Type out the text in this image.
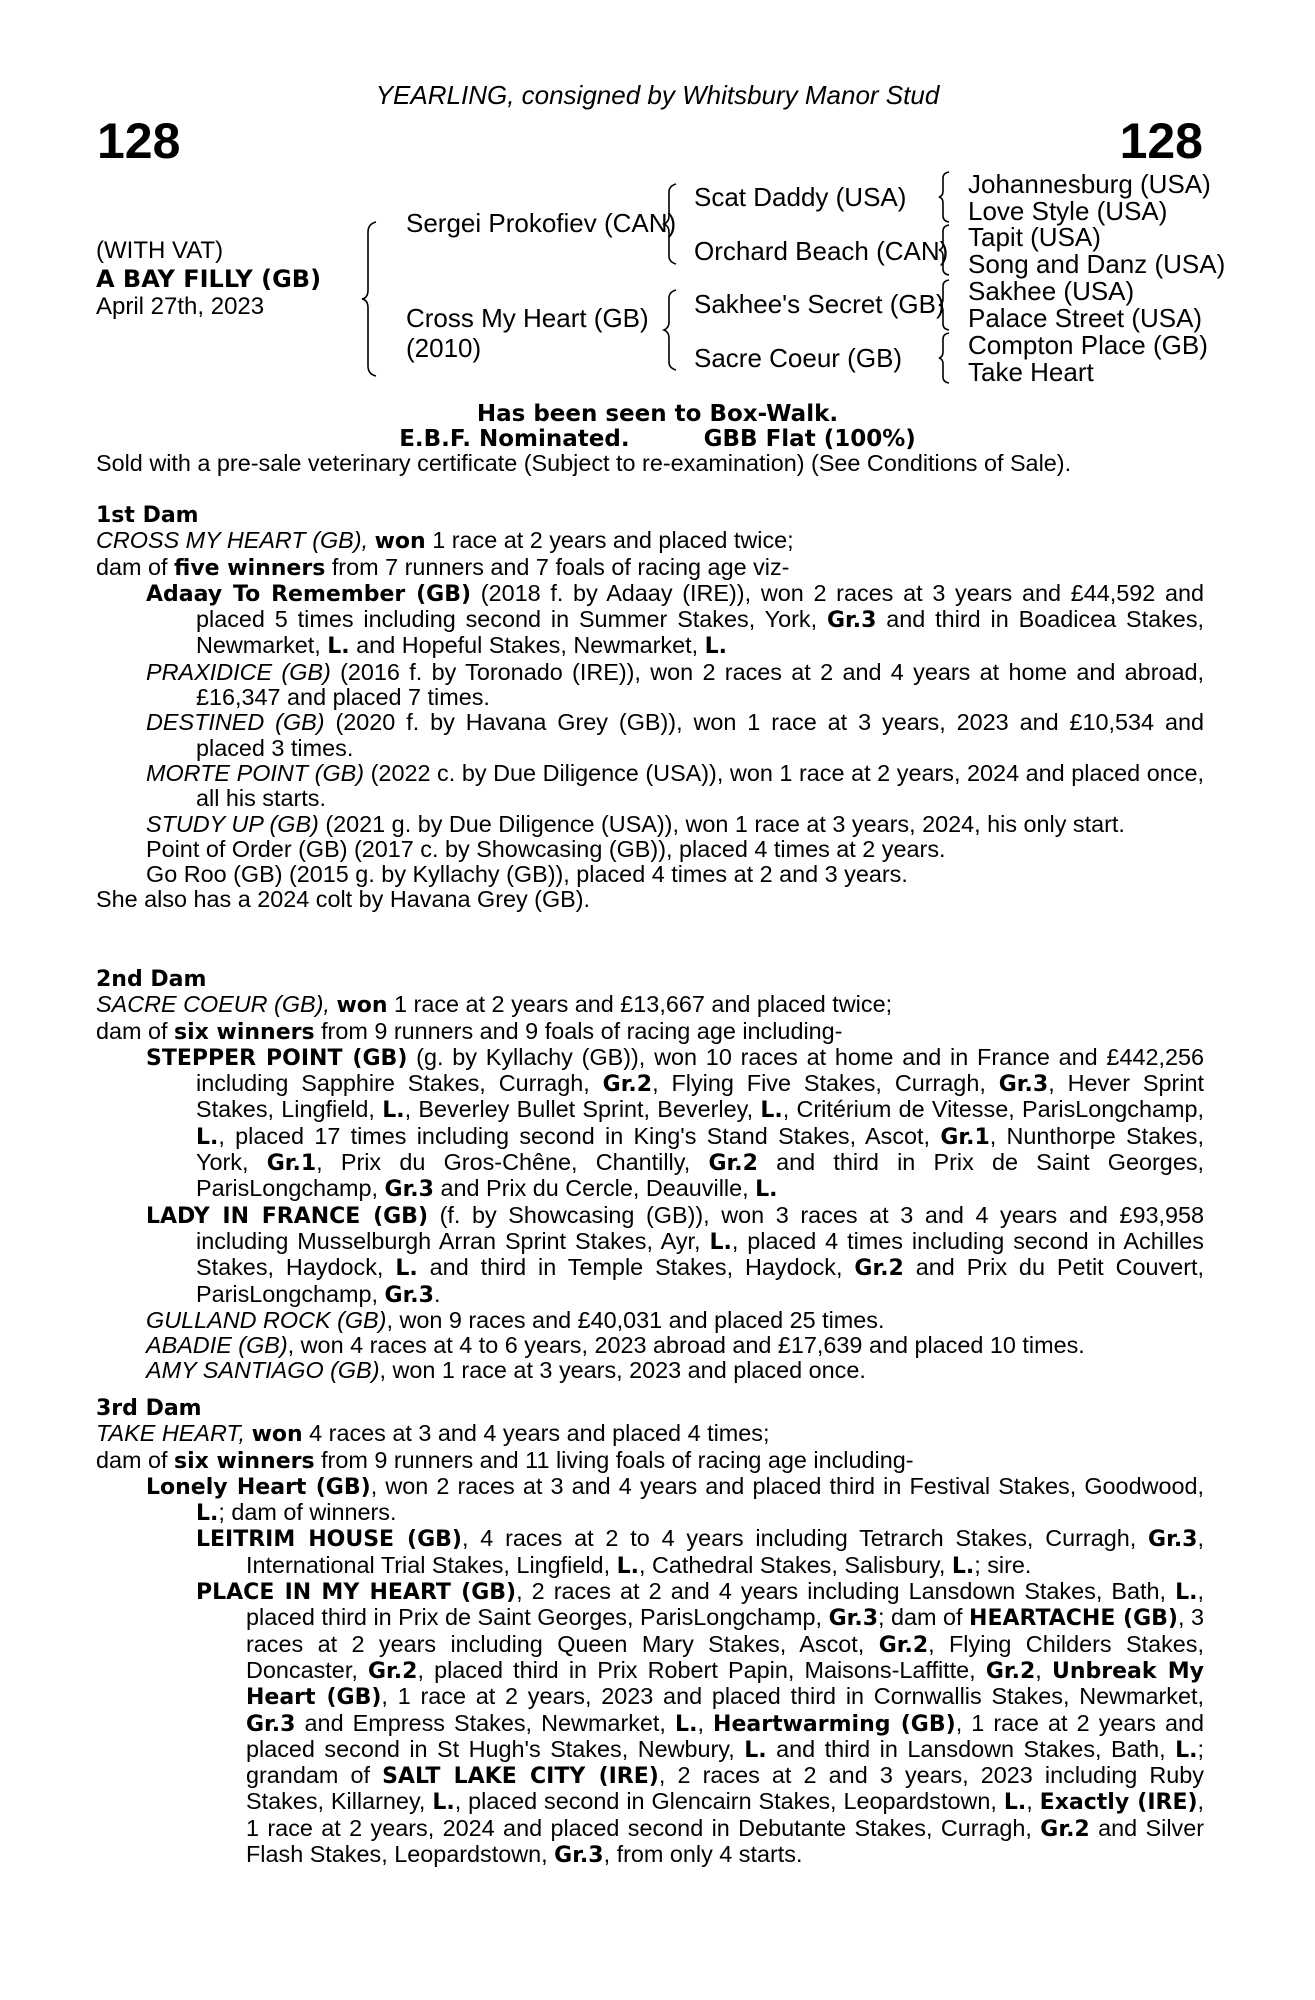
128	128
YEARLING, consigned by Whitsbury Manor Stud
(WITH VAT)
A BAY FILLY (GB)
April 27th, 2023
Sergei Prokofiev (CAN)
Cross My Heart (GB)
(2010)
Scat Daddy (USA)
Orchard Beach (CAN)
Sakhee's Secret (GB)
Sacre Coeur (GB)
Johannesburg (USA)
Love Style (USA)
Tapit (USA)
Song and Danz (USA)
Sakhee (USA)
Palace Street (USA)
Compton Place (GB)
Take Heart
Has been seen to Box-Walk.
E.B.F. Nominated.	GBB Flat (100%)
Sold with a pre-sale veterinary certificate (Subject to re-examination) (See Conditions of Sale).

1st Dam

CROSS MY HEART (GB), won 1 race at 2 years and placed twice;

dam of five winners from 7 runners and 7 foals of racing age viz-

Adaay To Remember (GB) (2018 f. by Adaay (IRE)), won 2 races at 3 years and £44,592 and placed 5 times including second in Summer Stakes, York, Gr.3 and third in Boadicea Stakes, Newmarket, L. and Hopeful Stakes, Newmarket, L.

PRAXIDICE (GB) (2016 f. by Toronado (IRE)), won 2 races at 2 and 4 years at home and abroad, £16,347 and placed 7 times.

DESTINED (GB) (2020 f. by Havana Grey (GB)), won 1 race at 3 years, 2023 and £10,534 and placed 3 times.

MORTE POINT (GB) (2022 c. by Due Diligence (USA)), won 1 race at 2 years, 2024 and placed once, all his starts.

STUDY UP (GB) (2021 g. by Due Diligence (USA)), won 1 race at 3 years, 2024, his only start.

Point of Order (GB) (2017 c. by Showcasing (GB)), placed 4 times at 2 years.

Go Roo (GB) (2015 g. by Kyllachy (GB)), placed 4 times at 2 and 3 years.

She also has a 2024 colt by Havana Grey (GB).

2nd Dam

SACRE COEUR (GB), won 1 race at 2 years and £13,667 and placed twice;

dam of six winners from 9 runners and 9 foals of racing age including-

STEPPER POINT (GB) (g. by Kyllachy (GB)), won 10 races at home and in France and £442,256 including Sapphire Stakes, Curragh, Gr.2, Flying Five Stakes, Curragh, Gr.3, Hever Sprint Stakes, Lingfield, L., Beverley Bullet Sprint, Beverley, L., Critérium de Vitesse, ParisLongchamp, L., placed 17 times including second in King's Stand Stakes, Ascot, Gr.1, Nunthorpe Stakes, York, Gr.1, Prix du Gros-Chêne, Chantilly, Gr.2 and third in Prix de Saint Georges, ParisLongchamp, Gr.3 and Prix du Cercle, Deauville, L.

LADY IN FRANCE (GB) (f. by Showcasing (GB)), won 3 races at 3 and 4 years and £93,958 including Musselburgh Arran Sprint Stakes, Ayr, L., placed 4 times including second in Achilles Stakes, Haydock, L. and third in Temple Stakes, Haydock, Gr.2 and Prix du Petit Couvert, ParisLongchamp, Gr.3.

GULLAND ROCK (GB), won 9 races and £40,031 and placed 25 times.

ABADIE (GB), won 4 races at 4 to 6 years, 2023 abroad and £17,639 and placed 10 times.

AMY SANTIAGO (GB), won 1 race at 3 years, 2023 and placed once.

3rd Dam

TAKE HEART, won 4 races at 3 and 4 years and placed 4 times;

dam of six winners from 9 runners and 11 living foals of racing age including-

Lonely Heart (GB), won 2 races at 3 and 4 years and placed third in Festival Stakes, Goodwood, L.; dam of winners.

LEITRIM HOUSE (GB), 4 races at 2 to 4 years including Tetrarch Stakes, Curragh, Gr.3, International Trial Stakes, Lingfield, L., Cathedral Stakes, Salisbury, L.; sire.

PLACE IN MY HEART (GB), 2 races at 2 and 4 years including Lansdown Stakes, Bath, L., placed third in Prix de Saint Georges, ParisLongchamp, Gr.3; dam of HEARTACHE (GB), 3 races at 2 years including Queen Mary Stakes, Ascot, Gr.2, Flying Childers Stakes, Doncaster, Gr.2, placed third in Prix Robert Papin, Maisons-Laffitte, Gr.2, Unbreak My Heart (GB), 1 race at 2 years, 2023 and placed third in Cornwallis Stakes, Newmarket, Gr.3 and Empress Stakes, Newmarket, L., Heartwarming (GB), 1 race at 2 years and placed second in St Hugh's Stakes, Newbury, L. and third in Lansdown Stakes, Bath, L.; grandam of SALT LAKE CITY (IRE), 2 races at 2 and 3 years, 2023 including Ruby Stakes, Killarney, L., placed second in Glencairn Stakes, Leopardstown, L., Exactly (IRE), 1 race at 2 years, 2024 and placed second in Debutante Stakes, Curragh, Gr.2 and Silver Flash Stakes, Leopardstown, Gr.3, from only 4 starts.
